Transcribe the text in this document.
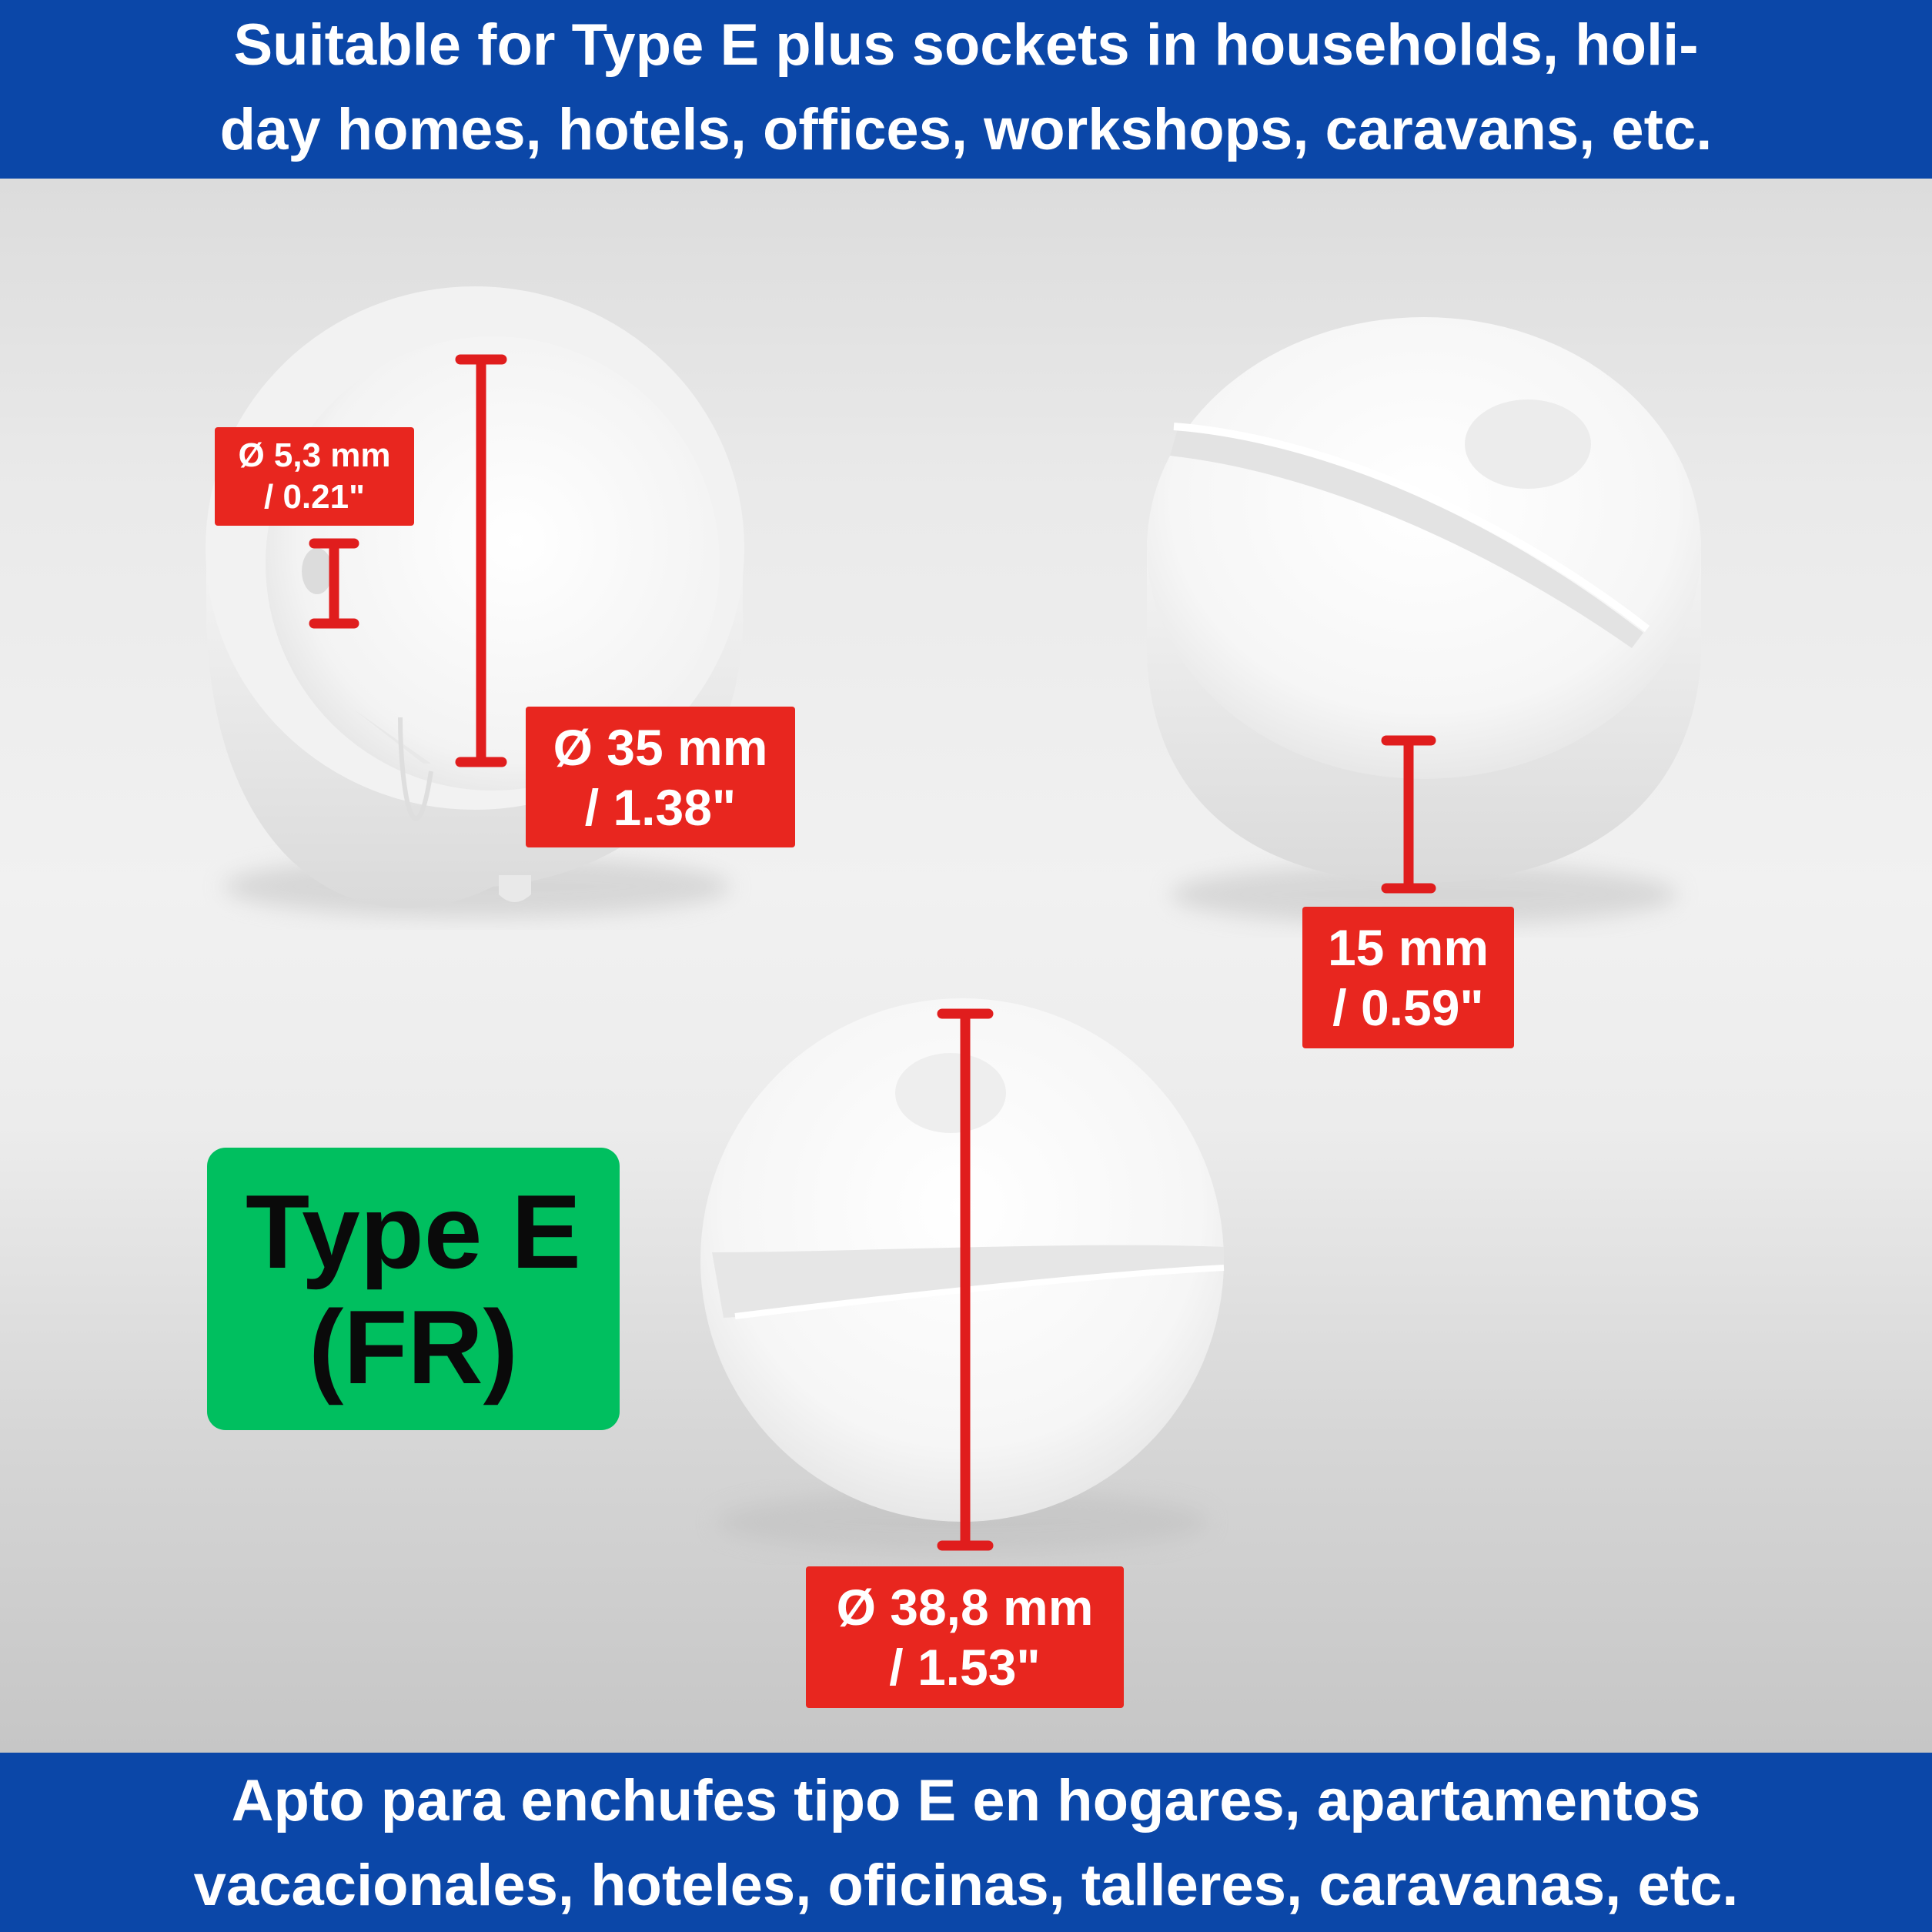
Suitable for Type E plus sockets in households, holi-
day homes, hotels, offices, workshops, caravans, etc.
Ø 5,3 mm
/ 0.21"
Ø 35 mm
/ 1.38"
15 mm
/ 0.59"
Ø 38,8 mm
/ 1.53"
Type E
(FR)
Apto para enchufes tipo E en hogares, apartamentos
vacacionales, hoteles, oficinas, talleres, caravanas, etc.
